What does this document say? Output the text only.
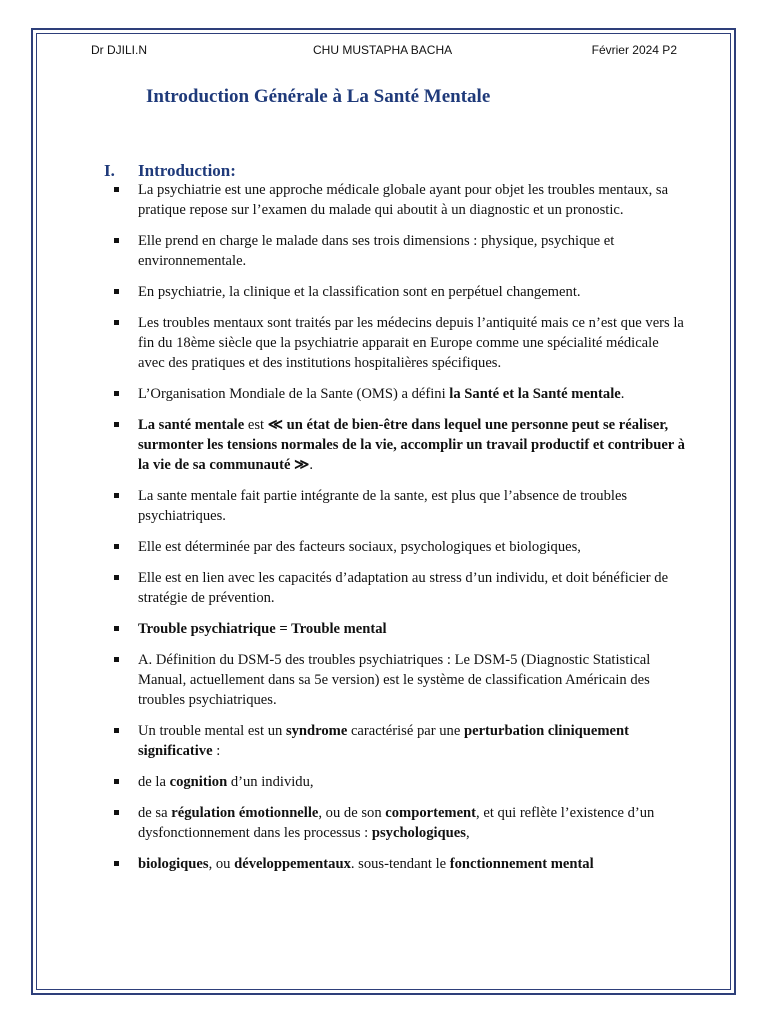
Dr DJILI.N	CHU MUSTAPHA BACHA	Février 2024 P2
Introduction Générale à La Santé Mentale
I. Introduction:
La psychiatrie est une approche médicale globale ayant pour objet les troubles mentaux, sa pratique repose sur l’examen du malade qui aboutit à un diagnostic et un pronostic.
Elle prend en charge le malade dans ses trois dimensions : physique, psychique et environnementale.
En psychiatrie, la clinique et la classification sont en perpétuel changement.
Les troubles mentaux sont traités par les médecins depuis l’antiquité mais ce n’est que vers la fin du 18ème siècle que la psychiatrie apparait en Europe comme une spécialité médicale avec des pratiques et des institutions hospitalières spécifiques.
L’Organisation Mondiale de la Sante (OMS) a défini la Santé et la Santé mentale.
La santé mentale est ≪ un état de bien-être dans lequel une personne peut se réaliser, surmonter les tensions normales de la vie, accomplir un travail productif et contribuer à la vie de sa communauté ≫.
La sante mentale fait partie intégrante de la sante, est plus que l’absence de troubles psychiatriques.
Elle est déterminée par des facteurs sociaux, psychologiques et biologiques,
Elle est en lien avec les capacités d’adaptation au stress d’un individu, et doit bénéficier de stratégie de prévention.
Trouble psychiatrique = Trouble mental
A. Définition du DSM-5 des troubles psychiatriques : Le DSM-5 (Diagnostic Statistical Manual, actuellement dans sa 5e version) est le système de classification Américain des troubles psychiatriques.
Un trouble mental est un syndrome caractérisé par une perturbation cliniquement significative :
de la cognition d’un individu,
de sa régulation émotionnelle, ou de son comportement, et qui reflète l’existence d’un dysfonctionnement dans les processus : psychologiques,
biologiques, ou développementaux. sous-tendant le fonctionnement mental
